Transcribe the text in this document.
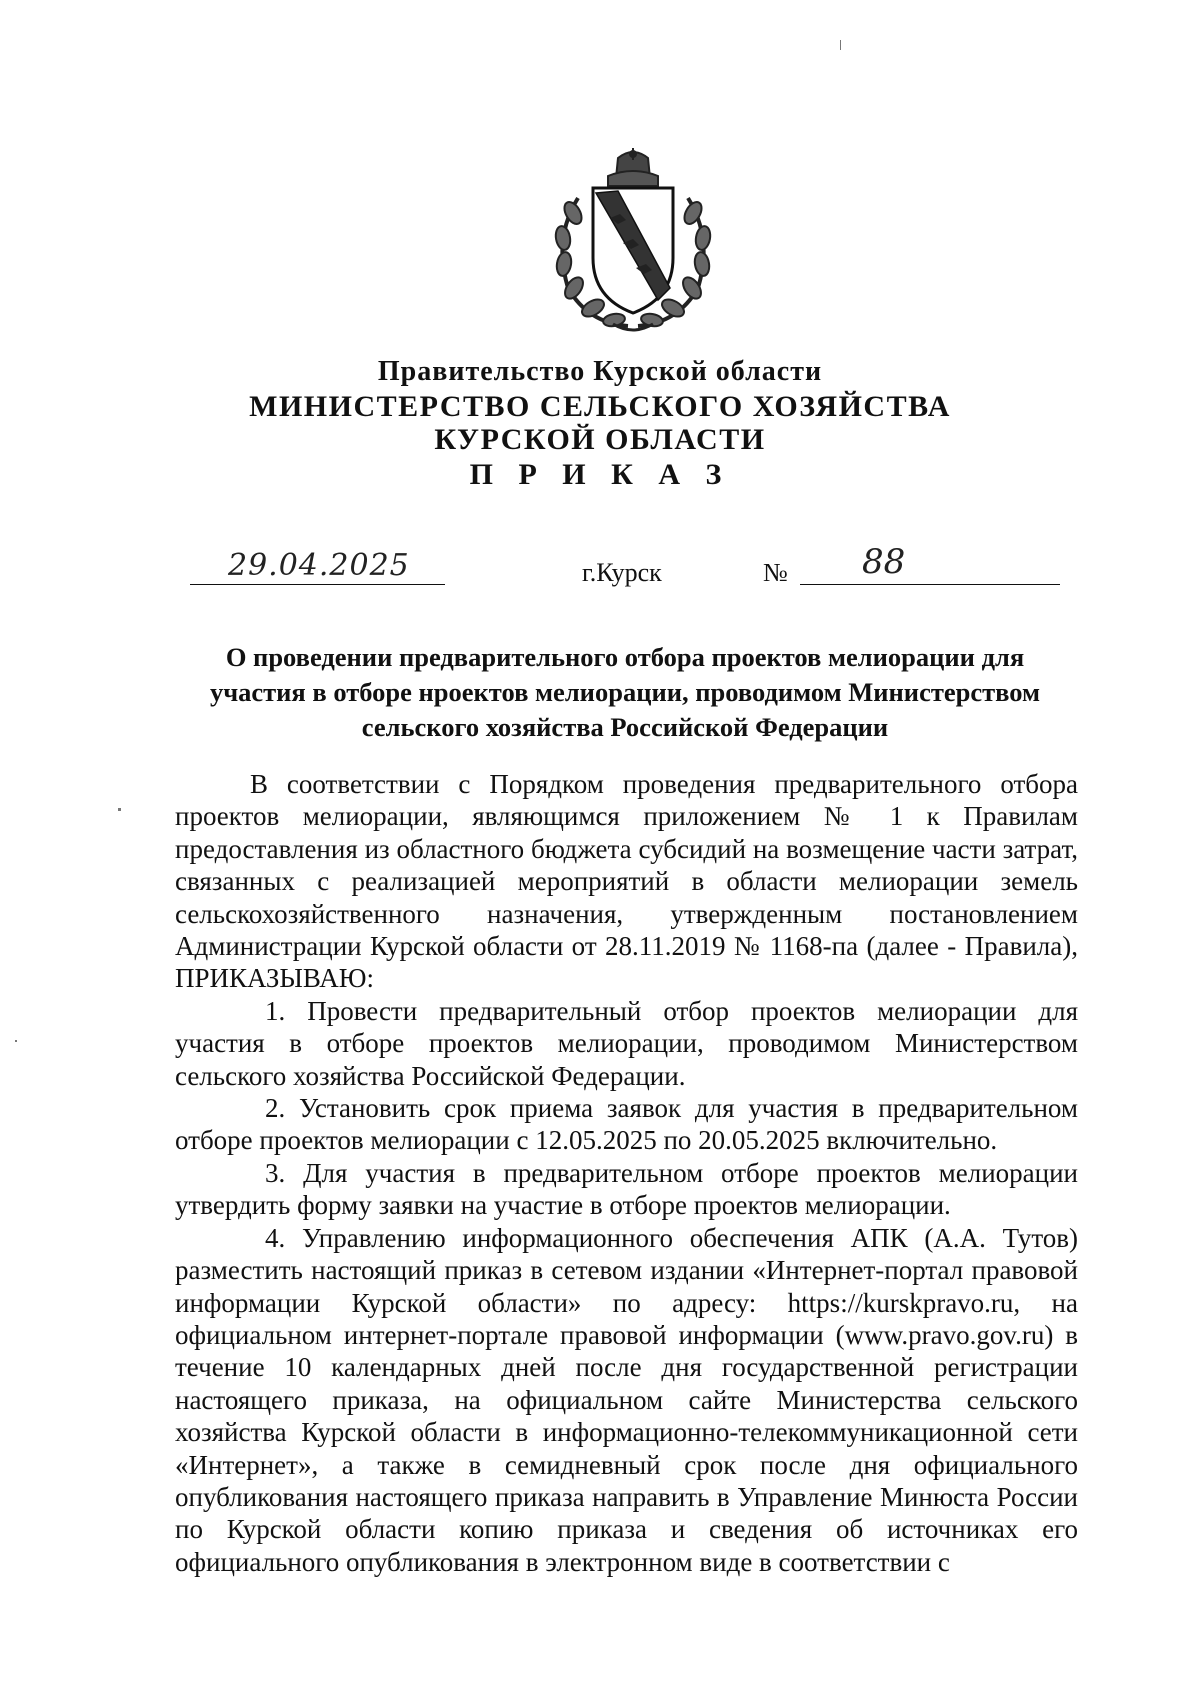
Правительство Курской области
МИНИСТЕРСТВО СЕЛЬСКОГО ХОЗЯЙСТВА
КУРСКОЙ ОБЛАСТИ
П Р И К А З
29.04.2025	г.Курск	№ 88
О проведении предварительного отбора проектов мелиорации для участия в отборе нроектов мелиорации, проводимом Министерством сельского хозяйства Российской Федерации

В соответствии с Порядком проведения предварительного отбора проектов мелиорации, являющимся приложением № 1 к Правилам предоставления из областного бюджета субсидий на возмещение части затрат, связанных с реализацией мероприятий в области мелиорации земель сельскохозяйственного назначения, утвержденным постановлением Администрации Курской области от 28.11.2019 № 1168-па (далее - Правила), ПРИКАЗЫВАЮ:

1. Провести предварительный отбор проектов мелиорации для участия в отборе проектов мелиорации, проводимом Министерством сельского хозяйства Российской Федерации.

2. Установить срок приема заявок для участия в предварительном отборе проектов мелиорации с 12.05.2025 по 20.05.2025 включительно.

3. Для участия в предварительном отборе проектов мелиорации утвердить форму заявки на участие в отборе проектов мелиорации.

4. Управлению информационного обеспечения АПК (А.А. Тутов) разместить настоящий приказ в сетевом издании «Интернет-портал правовой информации Курской области» по адресу: https://kurskpravo.ru, на официальном интернет-портале правовой информации (www.pravo.gov.ru) в течение 10 календарных дней после дня государственной регистрации настоящего приказа, на официальном сайте Министерства сельского хозяйства Курской области в информационно-телекоммуникационной сети «Интернет», а также в семидневный срок после дня официального опубликования настоящего приказа направить в Управление Минюста России по Курской области копию приказа и сведения об источниках его официального опубликования в электронном виде в соответствии с
